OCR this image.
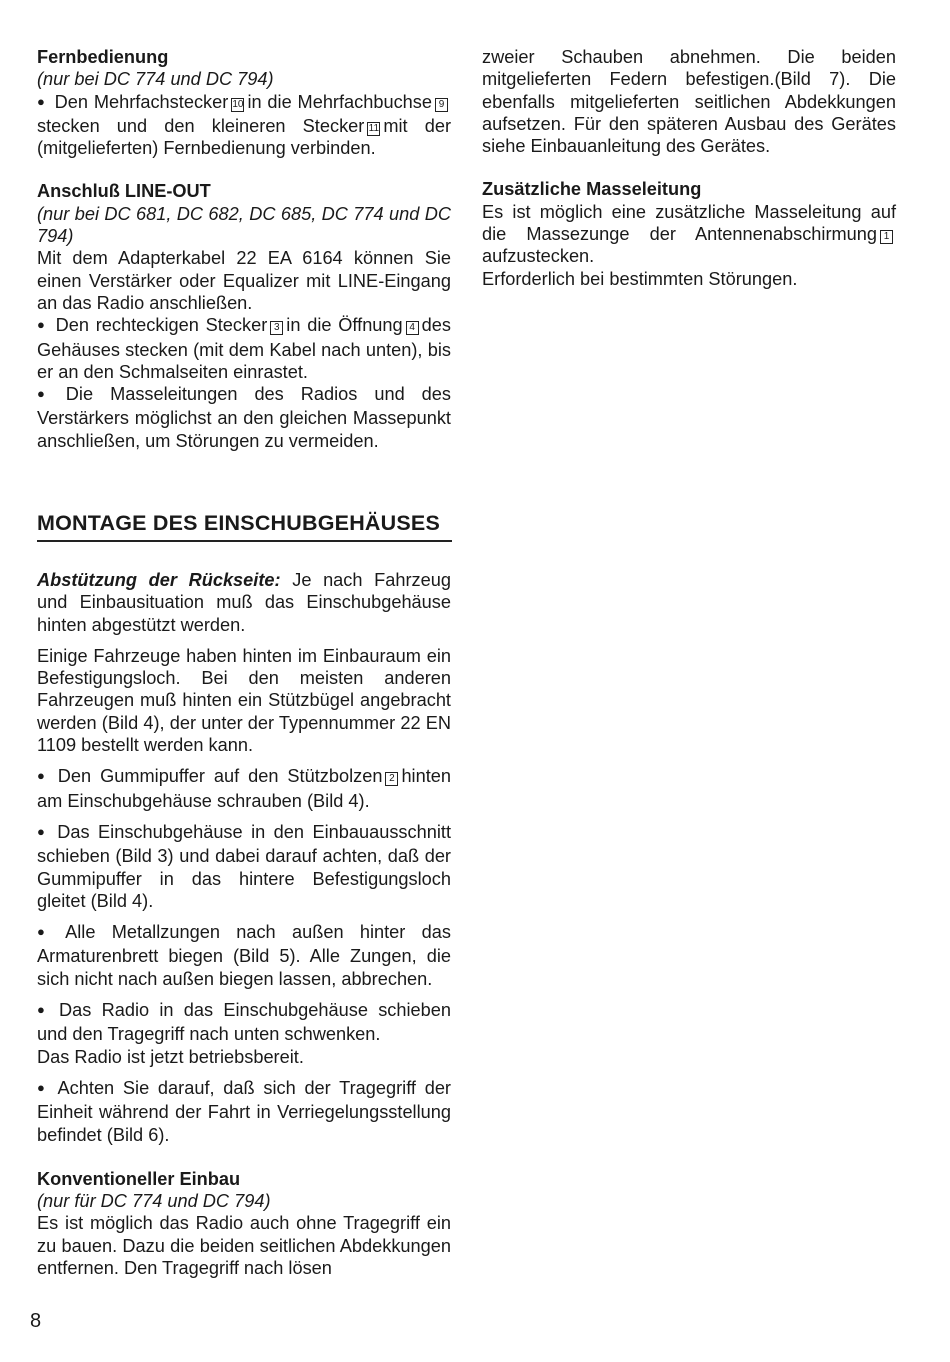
Fernbedienung

(nur bei DC 774 und DC 794)

● Den Mehrfachstecker 10 in die Mehrfachbuchse 9stecken und den kleineren Stecker 11 mit der (mitgelieferten) Fernbedienung verbinden.

Anschluß LINE-OUT

(nur bei DC 681, DC 682, DC 685, DC 774 und DC 794)

Mit dem Adapterkabel 22 EA 6164 können Sie einen Verstärker oder Equalizer mit LINE-Eingang an das Radio anschließen.

● Den rechteckigen Stecker 3 in die Öffnung 4 des Gehäuses stecken (mit dem Kabel nach unten), bis er an den Schmalseiten einrastet.

● Die Masseleitungen des Radios und des Verstärkers möglichst an den gleichen Massepunkt anschließen, um Störungen zu vermeiden.

zweier Schauben abnehmen. Die beiden mitgelieferten Federn befestigen.(Bild 7). Die ebenfalls mitgelieferten seitlichen Abdekkungen aufsetzen. Für den späteren Ausbau des Gerätes siehe Einbauanleitung des Gerätes.

Zusätzliche Masseleitung

Es ist möglich eine zusätzliche Masseleitung auf die Massezunge der Antennenabschirmung 1aufzustecken.

Erforderlich bei bestimmten Störungen.

MONTAGE DES EINSCHUBGEHÄUSES

Abstützung der Rückseite: Je nach Fahrzeug und Einbausituation muß das Einschubgehäuse hinten abgestützt werden.

Einige Fahrzeuge haben hinten im Einbauraum ein Befestigungsloch. Bei den meisten anderen Fahrzeugen muß hinten ein Stützbügel angebracht werden (Bild 4), der unter der Typennummer 22 EN 1109 bestellt werden kann.

● Den Gummipuffer auf den Stützbolzen 2 hinten am Einschubgehäuse schrauben (Bild 4).

● Das Einschubgehäuse in den Einbauausschnitt schieben (Bild 3) und dabei darauf achten, daß der Gummipuffer in das hintere Befestigungsloch gleitet (Bild 4).

● Alle Metallzungen nach außen hinter das Armaturenbrett biegen (Bild 5). Alle Zungen, die sich nicht nach außen biegen lassen, abbrechen.

● Das Radio in das Einschubgehäuse schieben und den Tragegriff nach unten schwenken.

Das Radio ist jetzt betriebsbereit.

● Achten Sie darauf, daß sich der Tragegriff der Einheit während der Fahrt in Verriegelungsstellung befindet (Bild 6).

Konventioneller Einbau

(nur für DC 774 und DC 794)

Es ist möglich das Radio auch ohne Tragegriff ein zu bauen. Dazu die beiden seitlichen Abdekkungen entfernen. Den Tragegriff nach lösen

8
